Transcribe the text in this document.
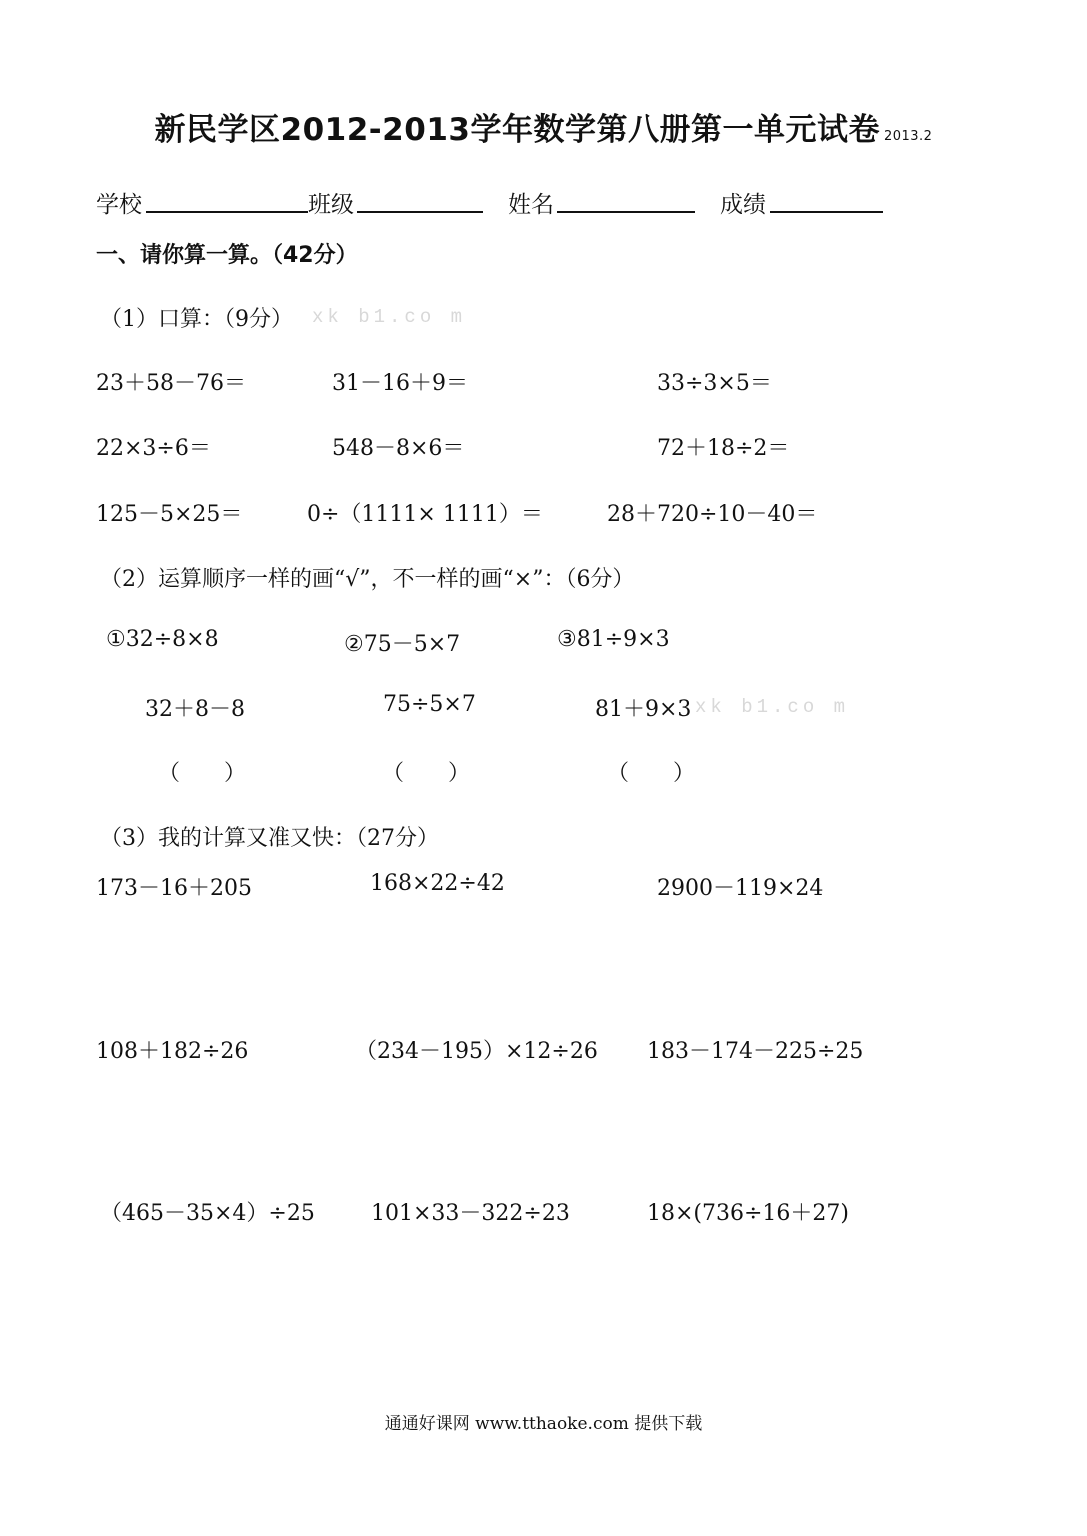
新民学区2012-2013学年数学第八册第一单元试卷 2013.2
学校	班级	姓名	成绩
一、请你算一算。（42分）
（1）口算：（9分） xk b1.co m
23＋58－76＝	31－16＋9＝	33÷3×5＝
22×3÷6＝	548－8×6＝	72＋18÷2＝
125－5×25＝	0÷（1111× 1111）＝	28＋720÷10－40＝
（2）运算顺序一样的画“√”，不一样的画“×”：（6分）
①32÷8×8	②75－5×7	③81÷9×3
32＋8－8	75÷5×7	81＋9×3 xk b1.co m
（　　）	（　　）	（　　）
（3）我的计算又准又快：（27分）
173－16＋205	168×22÷42	2900－119×24
108＋182÷26	（234－195）×12÷26 183－174－225÷25
（465－35×4）÷25	101×33－322÷23	18×(736÷16＋27)
通通好课网 www.tthaoke.com 提供下载
